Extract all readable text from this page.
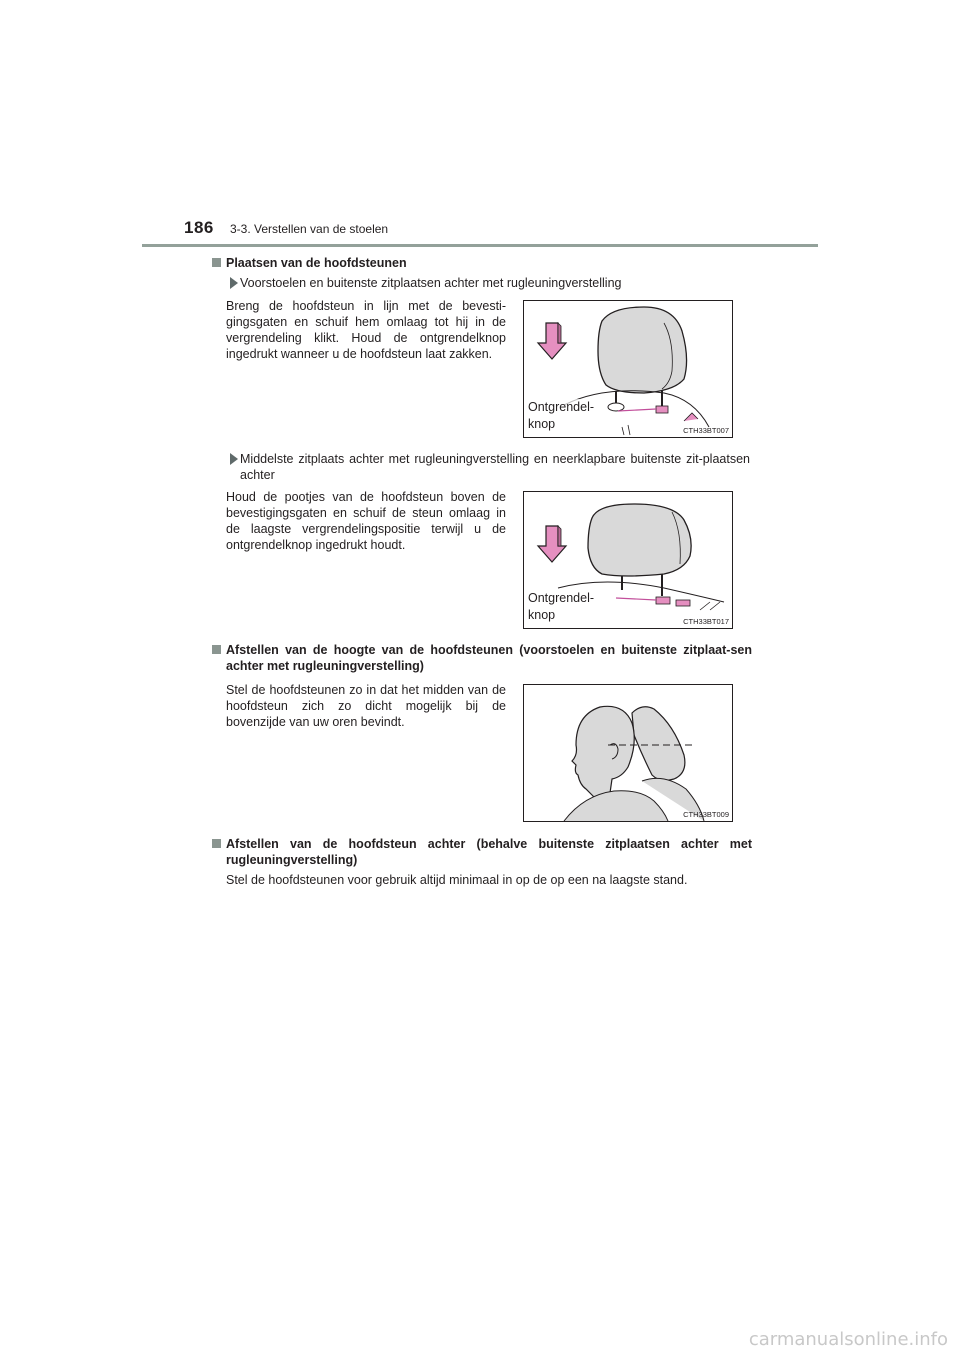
186 3-3. Verstellen van de stoelen
Plaatsen van de hoofdsteunen
Voorstoelen en buitenste zitplaatsen achter met rugleuningverstelling
Breng de hoofdsteun in lijn met de bevesti-gingsgaten en schuif hem omlaag tot hij in de vergrendeling klikt. Houd de ontgrendelknop ingedrukt wanneer u de hoofdsteun laat zakken.
Ontgrendel-
knop	CTH33BT007
Middelste zitplaats achter met rugleuningverstelling en neerklapbare buitenste zit-plaatsen achter
Houd de pootjes van de hoofdsteun boven de bevestigingsgaten en schuif de steun omlaag in de laagste vergrendelingspositie terwijl u de ontgrendelknop ingedrukt houdt.
Ontgrendel-
knop	CTH33BT017
Afstellen van de hoogte van de hoofdsteunen (voorstoelen en buitenste zitplaat-sen achter met rugleuningverstelling)
Stel de hoofdsteunen zo in dat het midden van de hoofdsteun zich zo dicht mogelijk bij de bovenzijde van uw oren bevindt.
CTH33BT009
Afstellen van de hoofdsteun achter (behalve buitenste zitplaatsen achter met rugleuningverstelling)
Stel de hoofdsteunen voor gebruik altijd minimaal in op de op een na laagste stand.
carmanualsonline.info
